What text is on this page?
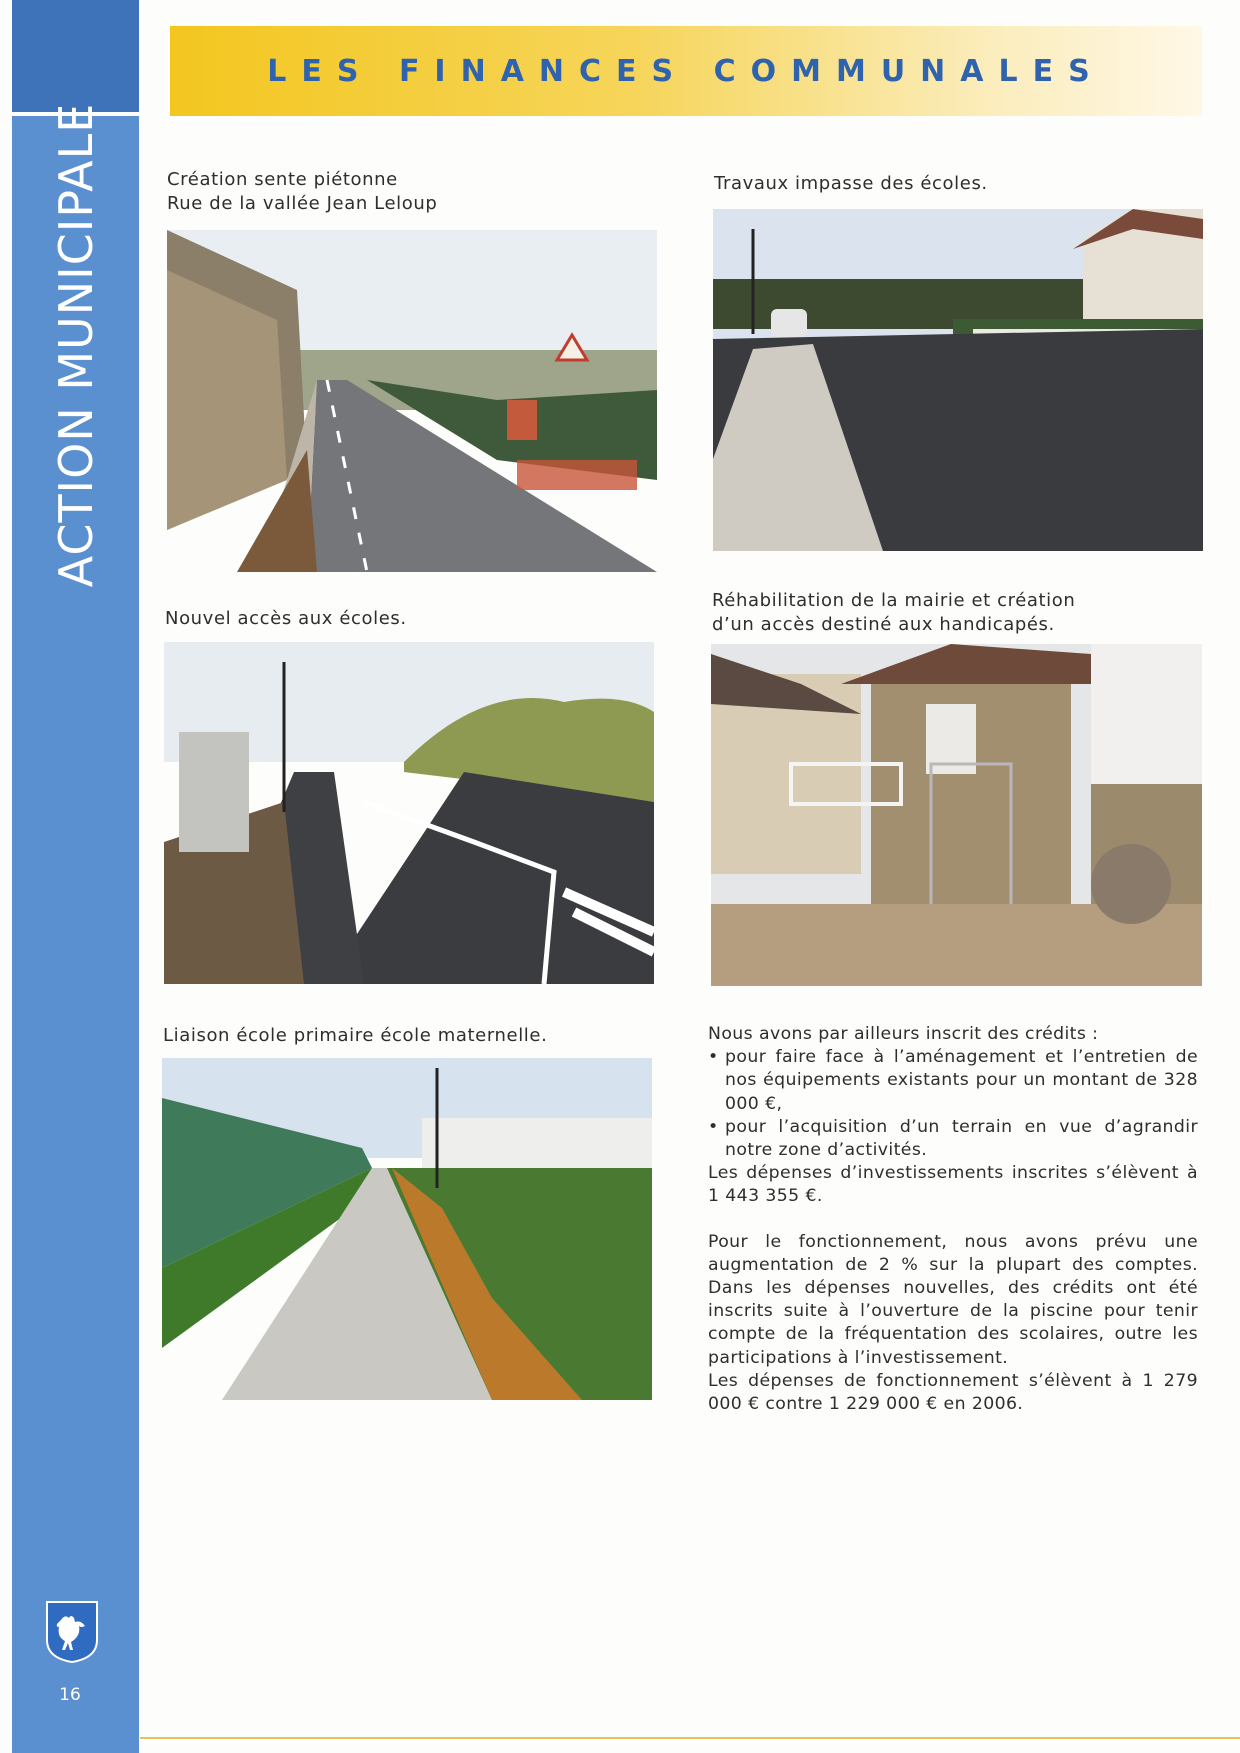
ACTION MUNICIPALE
16
LES FINANCES COMMUNALES
Création sente piétonne
Rue de la vallée Jean Leloup
Travaux impasse des écoles.
Nouvel accès aux écoles.
Réhabilitation de la mairie et création
d’un accès destiné aux handicapés.
Liaison école primaire école maternelle.	Nous avons par ailleurs inscrit des crédits :

• pour faire face à l’aménagement et l’entretien de nos équipements existants pour un montant de 328 000 €,
• pour l’acquisition d’un terrain en vue d’agrandir notre zone d’activités.

Les dépenses d’investissements inscrites s’élèvent à 1 443 355 €.

Pour le fonctionnement, nous avons prévu une augmentation de 2 % sur la plupart des comptes. Dans les dépenses nouvelles, des crédits ont été inscrits suite à l’ouverture de la piscine pour tenir compte de la fréquentation des scolaires, outre les participations à l’investissement.

Les dépenses de fonctionnement s’élèvent à 1 279 000 € contre 1 229 000 € en 2006.
